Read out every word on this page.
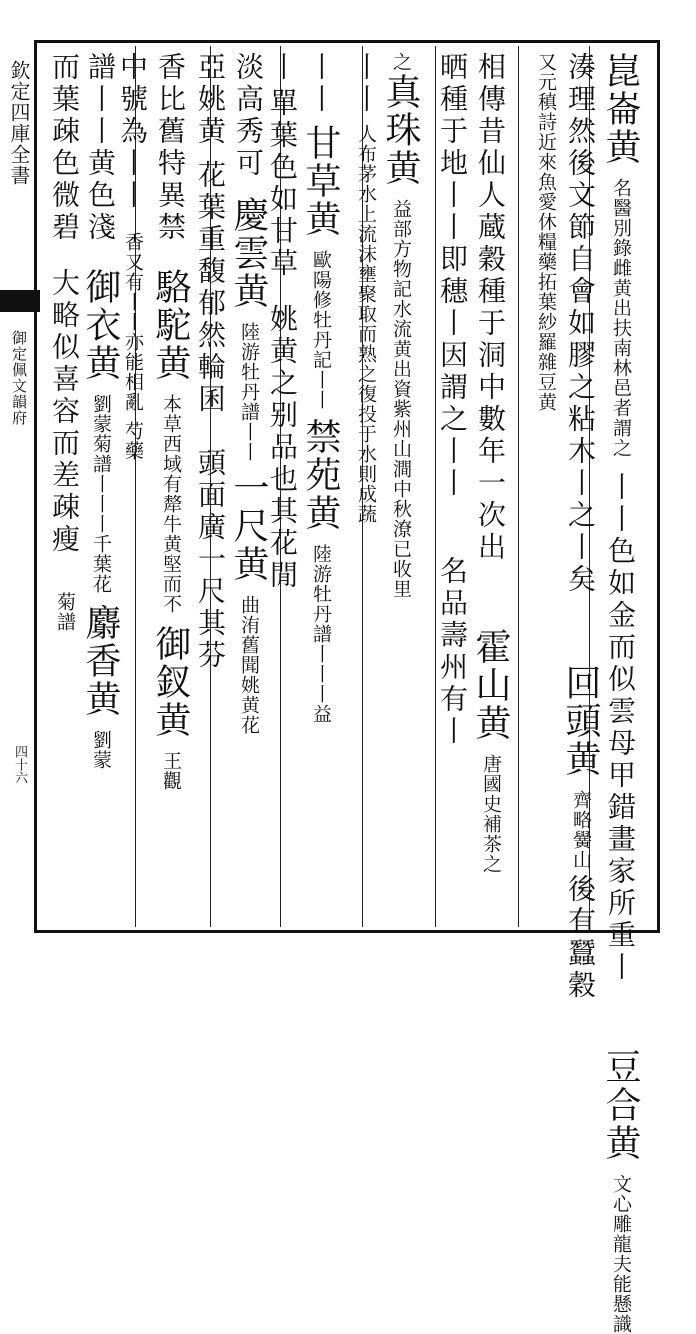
欽定四庫全書
御定佩文韻府
四十六
崑崙黄
名醫別錄雌黄出扶南林邑者謂之
丨丨色如金而似雲母甲錯畫家所重丨
豆合黄
文心雕龍夫能懸識
湊理然後文節自會如膠之粘木丨之丨矣
回頭黄
齊略黌山
後有蠶穀
又元稹詩近來魚愛休糧藥拓葉紗羅雜豆黄
相傳昔仙人蔵穀種于洞中數年一次出
霍山黄
唐國史補茶之
晒種于地丨丨即穗丨因謂之丨丨
名品壽州有丨
之
真珠黄
益部方物記水流黄出資紫州山澗中秋潦已收里
丨丨
人布茅水上流沫壅聚取而熟之復投于水則成蔬
丨丨
甘草黄
歐陽修牡丹記丨丨
禁苑黄
陸游牡丹譜丨丨丨益
丨
單葉色如甘草
姚黄之别品也其花閒
淡高秀可
慶雲黄
陸游牡丹譜丨丨
一尺黄
曲洧舊聞姚黄花
亞姚黄
花葉重馥郁然輪囷
頭面廣一尺其芬
香比舊特異禁
駱駝黄
本草西域有犛牛黄堅而不
御釵黄
王觀
中號為丨丨
香又有丨丨亦能相亂
芍藥
譜丨丨黄色淺
御衣黄
劉蒙菊譜丨丨丨千葉花
麝香黄
劉蒙
而葉疎色微碧
大略似喜容而差疎瘦
菊譜
